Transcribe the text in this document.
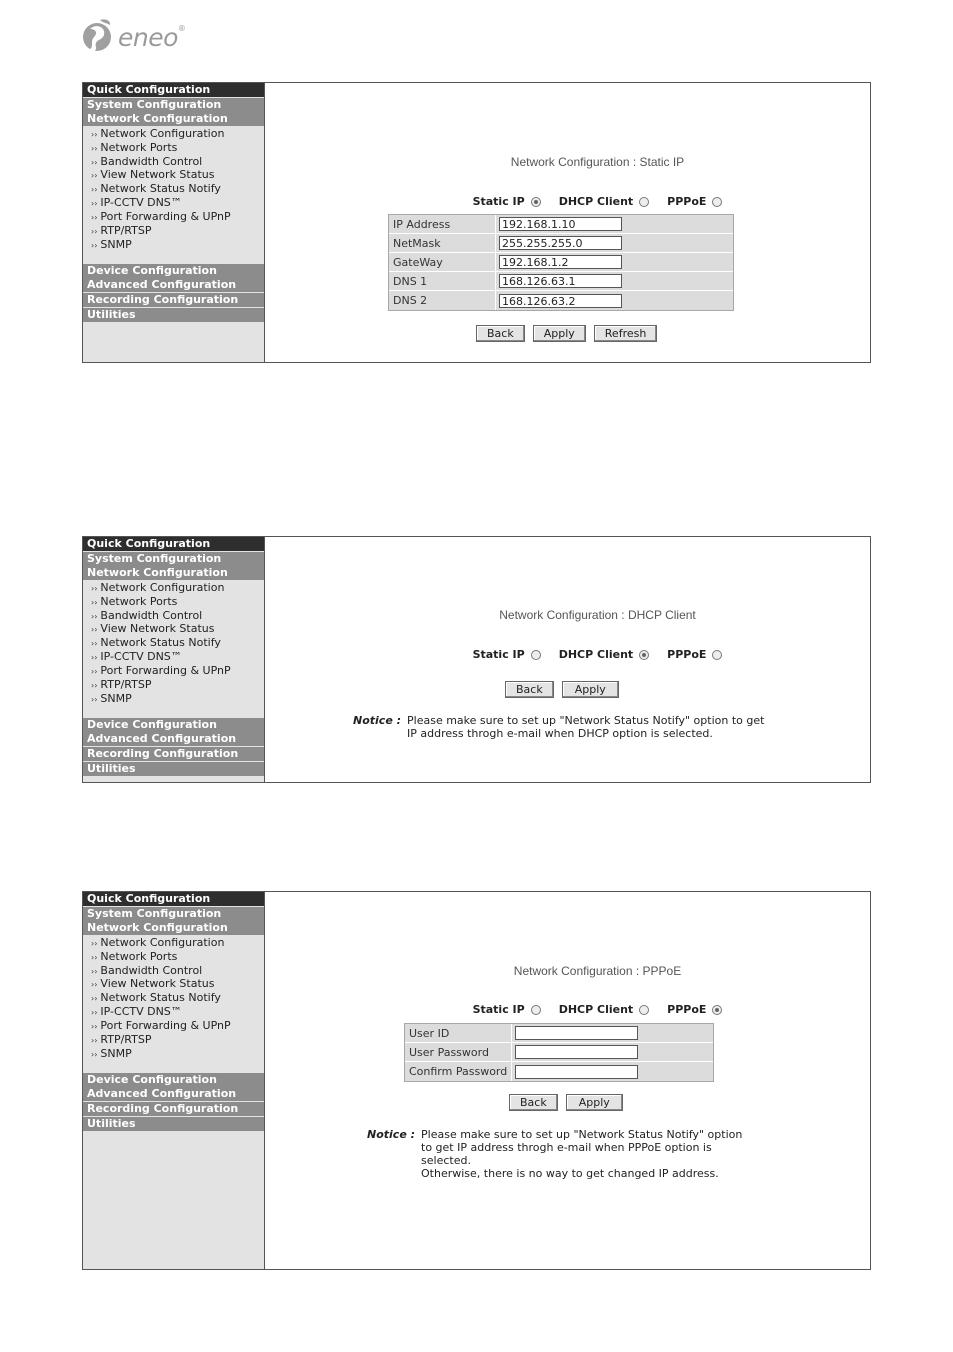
eneo ®
Quick Configuration
System Configuration
Network Configuration
›› Network Configuration
›› Network Ports
›› Bandwidth Control
›› View Network Status
›› Network Status Notify
›› IP-CCTV DNS™
›› Port Forwarding & UPnP
›› RTP/RTSP
›› SNMP
Device Configuration
Advanced Configuration
Recording Configuration
Utilities
Network Configuration : Static IP
Static IP	DHCP Client	PPPoE
IP Address	192.168.1.10
NetMask	255.255.255.0
GateWay	192.168.1.2
DNS 1	168.126.63.1
DNS 2	168.126.63.2
Back	Apply	Refresh
Quick Configuration
System Configuration
Network Configuration
›› Network Configuration
›› Network Ports
›› Bandwidth Control
›› View Network Status
›› Network Status Notify
›› IP-CCTV DNS™
›› Port Forwarding & UPnP
›› RTP/RTSP
›› SNMP
Device Configuration
Advanced Configuration
Recording Configuration
Utilities
Network Configuration : DHCP Client
Static IP	DHCP Client	PPPoE
Back	Apply
Notice : Please make sure to set up "Network Status Notify" option to get
IP address throgh e-mail when DHCP option is selected.
Quick Configuration
System Configuration
Network Configuration
›› Network Configuration
›› Network Ports
›› Bandwidth Control
›› View Network Status
›› Network Status Notify
›› IP-CCTV DNS™
›› Port Forwarding & UPnP
›› RTP/RTSP
›› SNMP
Device Configuration
Advanced Configuration
Recording Configuration
Utilities
Network Configuration : PPPoE
Static IP	DHCP Client	PPPoE
User ID
User Password
Confirm Password
Back	Apply
Notice : Please make sure to set up "Network Status Notify" option
to get IP address throgh e-mail when PPPoE option is
selected.
Otherwise, there is no way to get changed IP address.
